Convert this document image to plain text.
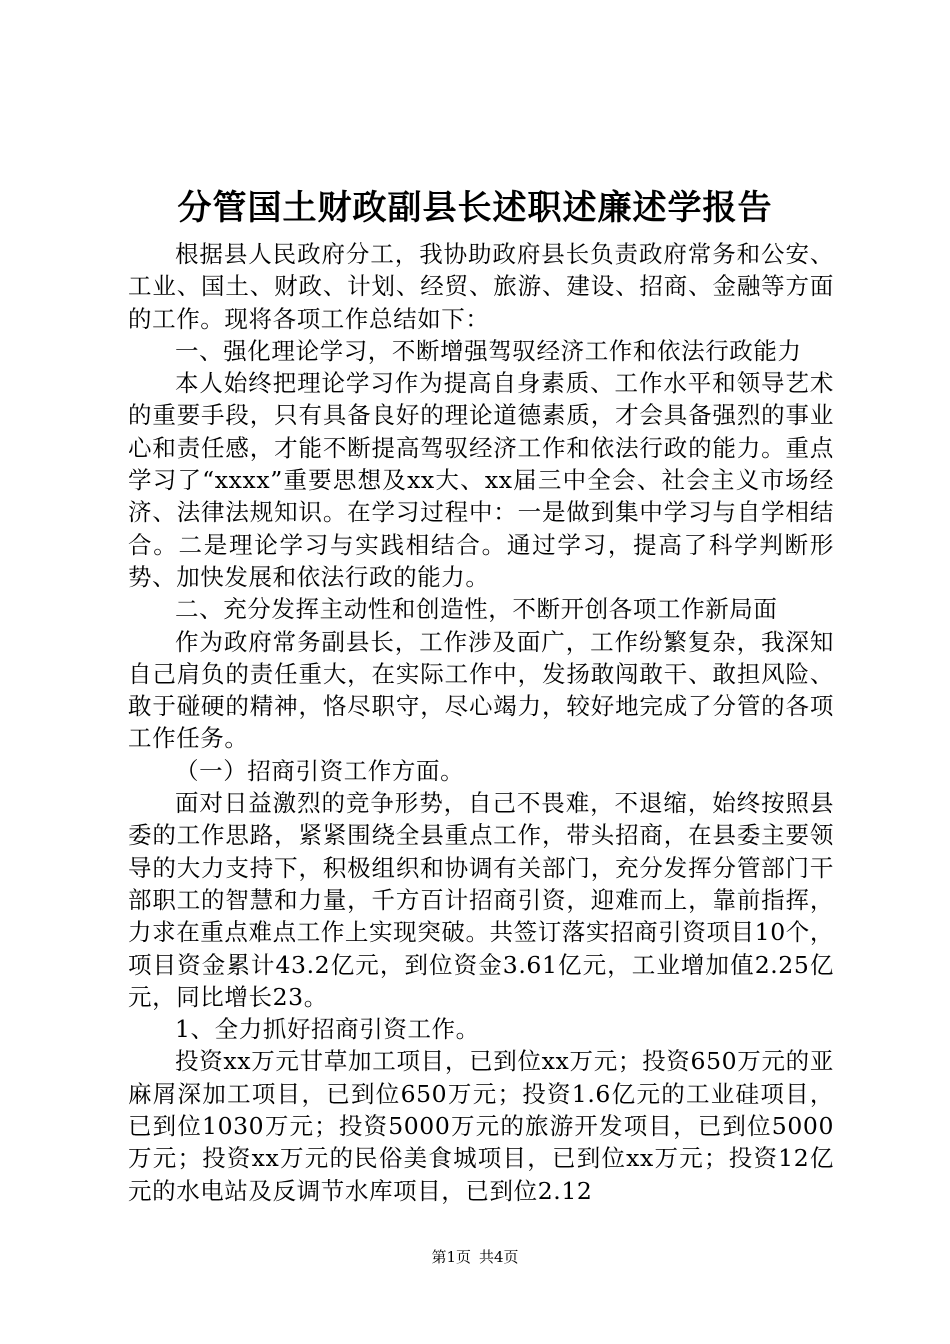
分管国土财政副县长述职述廉述学报告

根据县人民政府分工，我协助政府县长负责政府常务和公安、工业、国土、财政、计划、经贸、旅游、建设、招商、金融等方面的工作。现将各项工作总结如下：

一、强化理论学习，不断增强驾驭经济工作和依法行政能力

本人始终把理论学习作为提高自身素质、工作水平和领导艺术的重要手段，只有具备良好的理论道德素质，才会具备强烈的事业心和责任感，才能不断提高驾驭经济工作和依法行政的能力。重点学习了“xxxx”重要思想及xx大、xx届三中全会、社会主义市场经济、法律法规知识。在学习过程中：一是做到集中学习与自学相结合。二是理论学习与实践相结合。通过学习，提高了科学判断形势、加快发展和依法行政的能力。

二、充分发挥主动性和创造性，不断开创各项工作新局面

作为政府常务副县长，工作涉及面广，工作纷繁复杂，我深知自己肩负的责任重大，在实际工作中，发扬敢闯敢干、敢担风险、敢于碰硬的精神，恪尽职守，尽心竭力，较好地完成了分管的各项工作任务。

（一）招商引资工作方面。

面对日益激烈的竞争形势，自己不畏难，不退缩，始终按照县委的工作思路，紧紧围绕全县重点工作，带头招商，在县委主要领导的大力支持下，积极组织和协调有关部门，充分发挥分管部门干部职工的智慧和力量，千方百计招商引资，迎难而上，靠前指挥，力求在重点难点工作上实现突破。共签订落实招商引资项目10个，项目资金累计43.2亿元，到位资金3.61亿元，工业增加值2.25亿元，同比增长23。

1、全力抓好招商引资工作。

投资xx万元甘草加工项目，已到位xx万元；投资650万元的亚麻屑深加工项目，已到位650万元；投资1.6亿元的工业硅项目，已到位1030万元；投资5000万元的旅游开发项目，已到位5000万元；投资xx万元的民俗美食城项目，已到位xx万元；投资12亿元的水电站及反调节水库项目，已到位2.12

第1页 共4页
